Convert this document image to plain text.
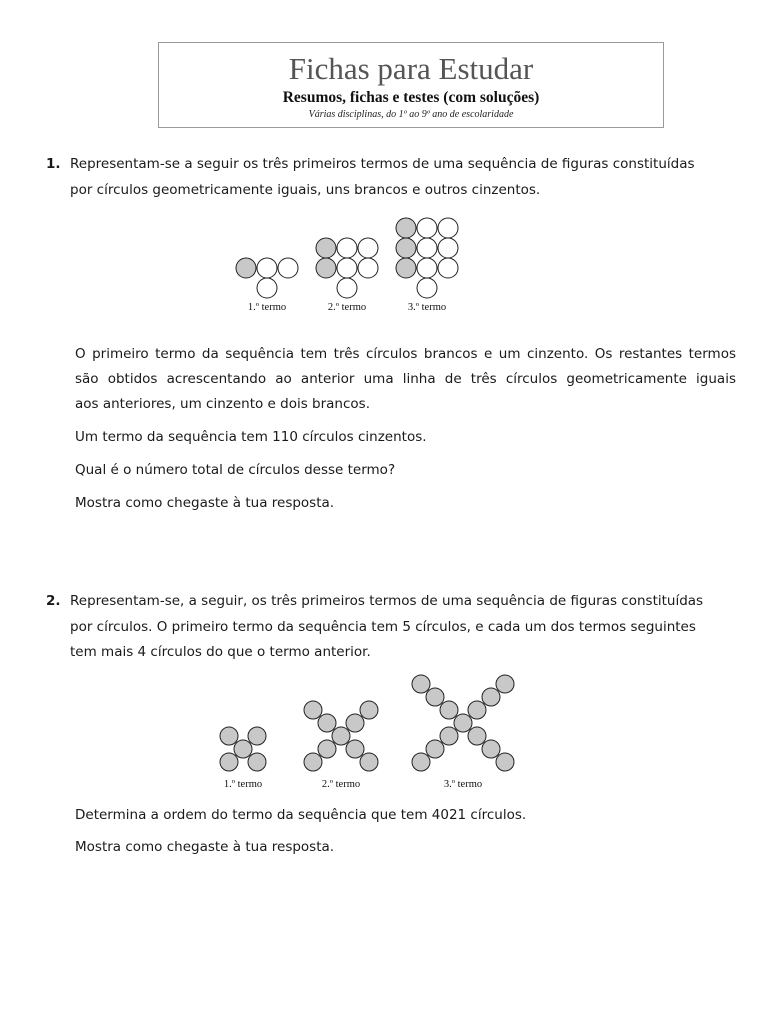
Fichas para Estudar
Resumos, fichas e testes (com soluções)
Várias disciplinas, do 1º ao 9º ano de escolaridade
1. Representam-se a seguir os três primeiros termos de uma sequência de figuras constituídas
por círculos geometricamente iguais, uns brancos e outros cinzentos.
1.º termo	2.º termo	3.º termo
O primeiro termo da sequência tem três círculos brancos e um cinzento. Os restantes termos
são obtidos acrescentando ao anterior uma linha de três círculos geometricamente iguais
aos anteriores, um cinzento e dois brancos.
Um termo da sequência tem 110 círculos cinzentos.
Qual é o número total de círculos desse termo?
Mostra como chegaste à tua resposta.
2. Representam-se, a seguir, os três primeiros termos de uma sequência de figuras constituídas
por círculos. O primeiro termo da sequência tem 5 círculos, e cada um dos termos seguintes
tem mais 4 círculos do que o termo anterior.
1.º termo	2.º termo	3.º termo
Determina a ordem do termo da sequência que tem 4021 círculos.
Mostra como chegaste à tua resposta.
